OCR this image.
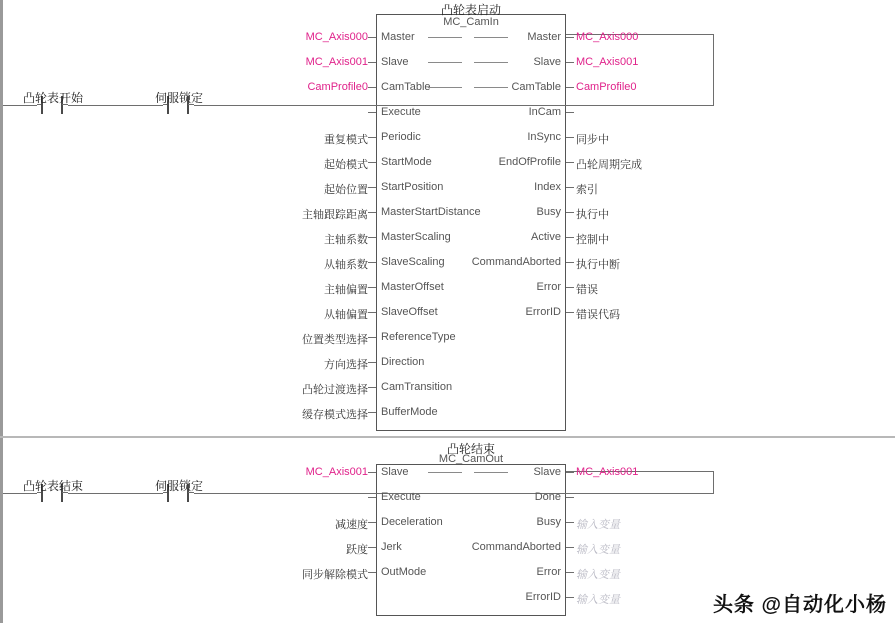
凸轮表启动
MC_CamIn
凸轮表开始	伺服锁定
Master
MC_Axis000
Slave
MC_Axis001
CamTable
CamProfile0
Execute
Periodic
重复模式
StartMode
起始模式
StartPosition
起始位置
MasterStartDistance
主轴跟踪距离
MasterScaling
主轴系数
SlaveScaling
从轴系数
MasterOffset
主轴偏置
SlaveOffset
从轴偏置
ReferenceType
位置类型选择
Direction
方向选择
CamTransition
凸轮过渡选择
BufferMode
缓存模式选择
Master MC_Axis000
Slave MC_Axis001
CamTable CamProfile0
InCam
InSync 同步中
EndOfProfile 凸轮周期完成
Index 索引
Busy 执行中
Active 控制中
CommandAborted 执行中断
Error 错误
ErrorID 错误代码
凸轮结束
MC_CamOut
凸轮表结束	伺服锁定
Slave
MC_Axis001
Execute
Deceleration
减速度
Jerk
跃度
OutMode
同步解除模式
Slave MC_Axis001
Done
Busy 输入变量
CommandAborted 输入变量
Error 输入变量
ErrorID 输入变量	头条 @自动化小杨
